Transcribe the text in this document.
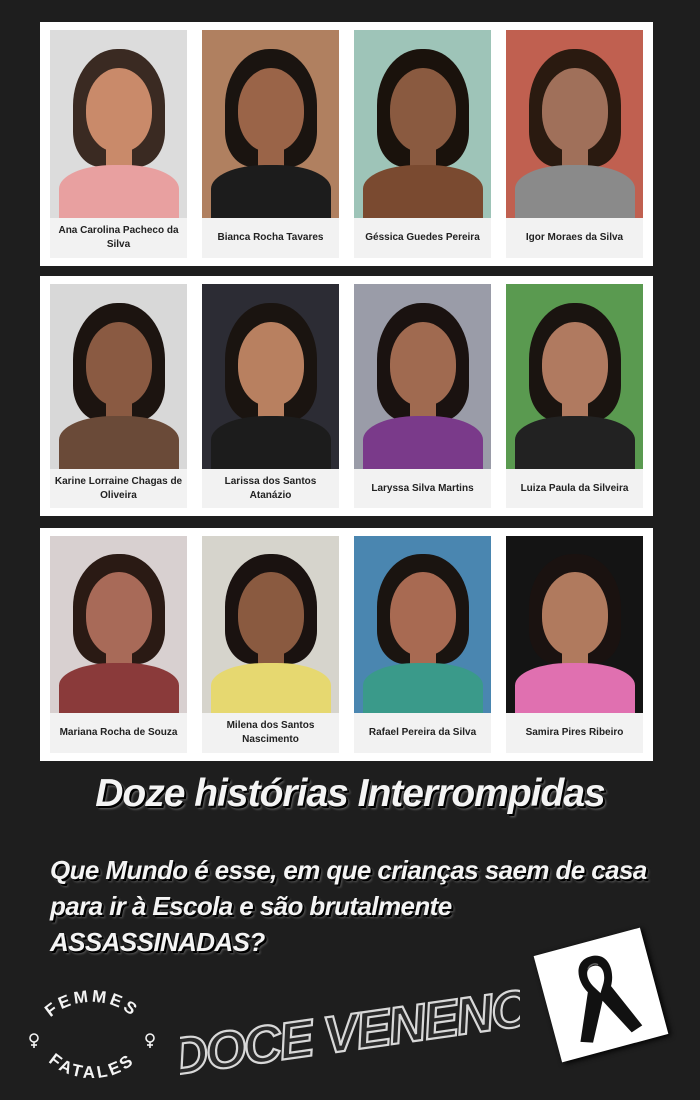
Ana Carolina Pacheco da Silva
Bianca Rocha Tavares	Géssica Guedes Pereira	Igor Moraes da Silva
Karine Lorraine Chagas de Oliveira
Larissa dos Santos Atanázio
Laryssa Silva Martins	Luiza Paula da Silveira
Mariana Rocha de Souza
Milena dos Santos Nascimento
Rafael Pereira da Silva	Samira Pires Ribeiro
Doze histórias Interrompidas
Que Mundo é esse, em que crianças saem de casa para ir à Escola e são brutalmente ASSASSINADAS?
FEMMES
FATALES DOCE VENENO
